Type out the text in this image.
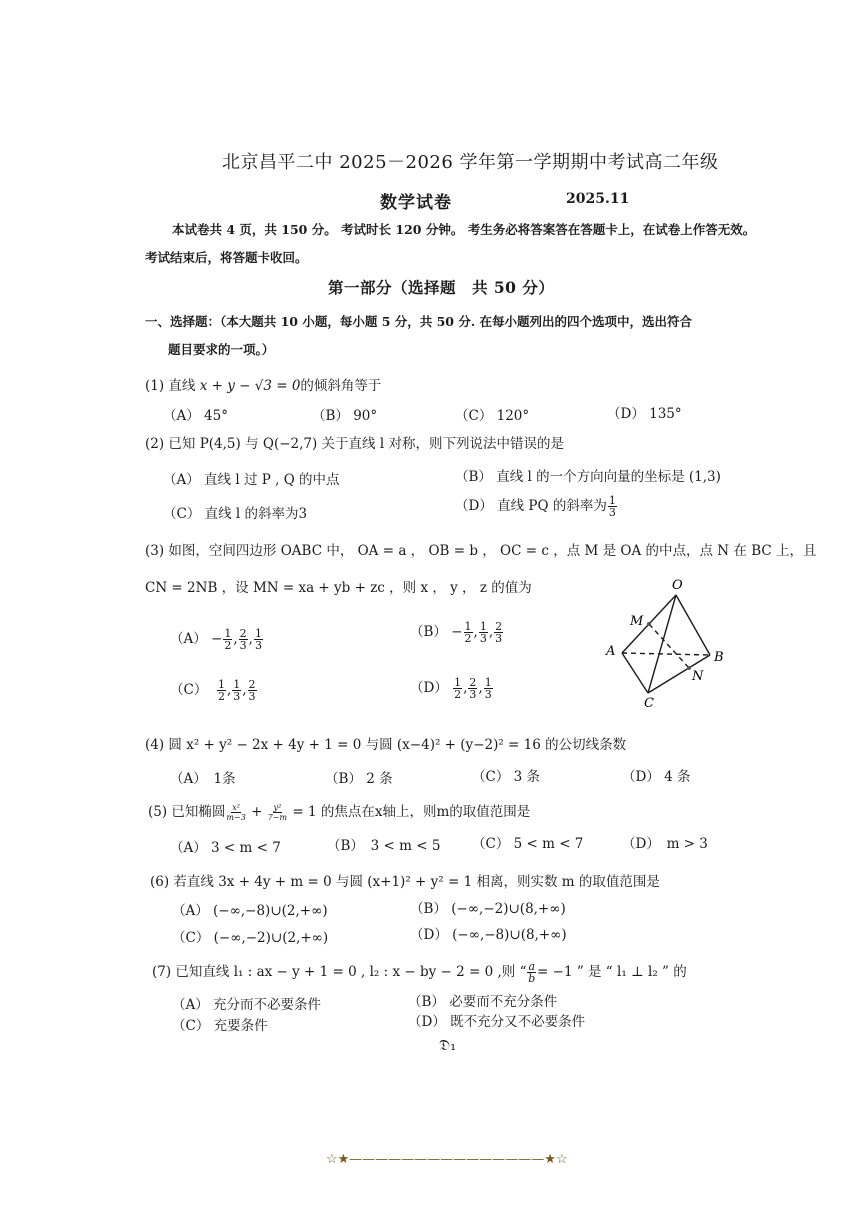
北京昌平二中 2025－2026 学年第一学期期中考试高二年级
数学试卷	2025.11
本试卷共 4 页，共 150 分。 考试时长 120 分钟。 考生务必将答案答在答题卡上，在试卷上作答无效。
考试结束后，将答题卡收回。
第一部分（选择题　共 50 分）
一、选择题：（本大题共 10 小题，每小题 5 分，共 50 分. 在每小题列出的四个选项中，选出符合
题目要求的一项。）
(1) 直线 x + y − √3 = 0的倾斜角等于
（A） 45°	（B） 90°	（C） 120°	（D） 135°
(2) 已知 P(4,5) 与 Q(−2,7) 关于直线 l 对称，则下列说法中错误的是
（A） 直线 l 过 P , Q 的中点	（B） 直线 l 的一个方向向量的坐标是 (1,3)
（C） 直线 l 的斜率为3	（D） 直线 PQ 的斜率为 $\frac{1}{3}$
(3) 如图，空间四边形 OABC 中， OA = a ， OB = b ， OC = c ，点 M 是 OA 的中点，点 N 在 BC 上，且
CN = 2NB ，设 MN = xa + yb + zc ，则 x ， y ， z 的值为
$(A) - \frac{1}{2}$ , $\frac{2}{3}$ , $\frac{1}{3}$	$(B) - \frac{1}{2}$ , $\frac{1}{3}$ , $\frac{2}{3}$
$(C) \frac{1}{2}$ , $\frac{1}{3}$ , $\frac{2}{3}$	$(D) \frac{1}{2}$ , $\frac{2}{3}$ , $\frac{1}{3}$
O
M
A	B
N
C
(4) 圆 x² + y² − 2x + 4y + 1 = 0 与圆 (x−4)² + (y−2)² = 16 的公切线条数
（A）　1条	（B） 2 条	（C） 3 条	（D） 4 条
(5) 已知椭圆 $\frac{\text{x²}}{m-3} + \frac{\text{y²}}{7-m} = 1$ 的焦点在x轴上，则m的取值范围是
（A） 3 < m < 7	（B）　3 < m < 5 （C） 5 < m < 7	（D）　m > 3
(6) 若直线 3x + 4y + m = 0 与圆 (x+1)² + y² = 1 相离，则实数 m 的取值范围是
（A） (−∞,−8)∪(2,+∞)	（B） (−∞,−2)∪(8,+∞)
（C） (−∞,−2)∪(2,+∞)	（D） (−∞,−8)∪(8,+∞)
(7) 已知直线 l₁ : ax − y + 1 = 0 , l₂ : x − by − 2 = 0 ,则 “ $\frac{a}{b} = -1$ ” 是 “ l₁ ⊥ l₂ ” 的
（A） 充分而不必要条件	（B） 必要而不充分条件
（C） 充要条件	（D） 既不充分又不必要条件
𝔇₁
☆★———————————————★☆
